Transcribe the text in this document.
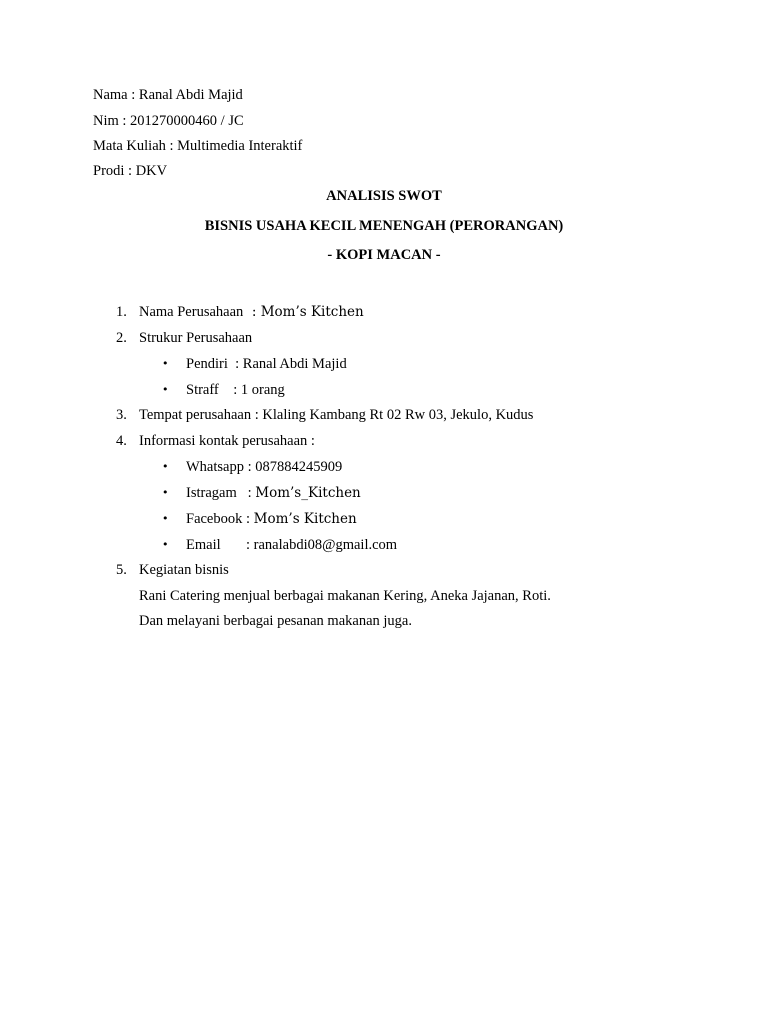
Nama : Ranal Abdi Majid
Nim : 201270000460 / JC
Mata Kuliah : Multimedia Interaktif
Prodi : DKV
ANALISIS SWOT
BISNIS USAHA KECIL MENENGAH (PERORANGAN)
- KOPI MACAN -
1. Nama Perusahaan  : Mom’s Kitchen
2. Strukur Perusahaan
• Pendiri  : Ranal Abdi Majid
• Straff    : 1 orang
3. Tempat perusahaan : Klaling Kambang Rt 02 Rw 03, Jekulo, Kudus
4. Informasi kontak perusahaan :
• Whatsapp : 087884245909
• Istragam   : Mom’s_Kitchen
• Facebook : Mom’s Kitchen
• Email       : ranalabdi08@gmail.com
5. Kegiatan bisnis
Rani Catering menjual berbagai makanan Kering, Aneka Jajanan, Roti.
Dan melayani berbagai pesanan makanan juga.
